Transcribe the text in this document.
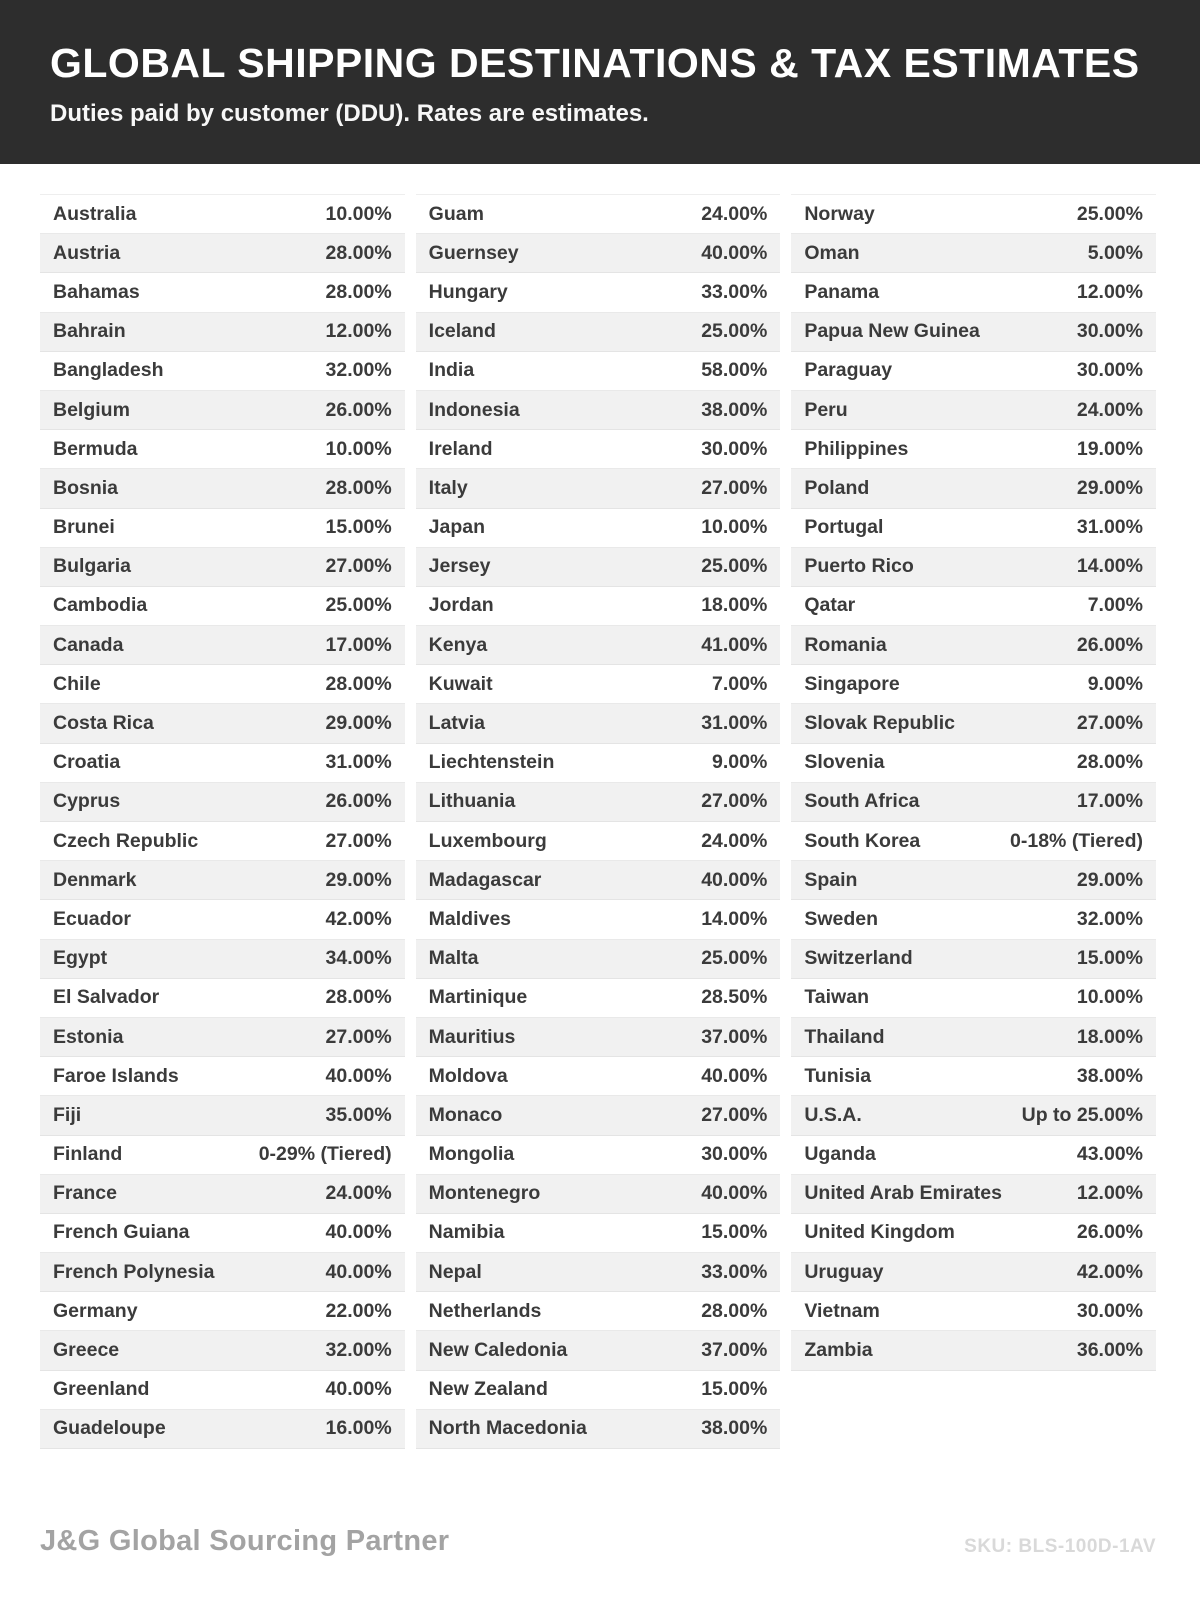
GLOBAL SHIPPING DESTINATIONS & TAX ESTIMATES
Duties paid by customer (DDU). Rates are estimates.
Australia	10.00%
Austria	28.00%
Bahamas	28.00%
Bahrain	12.00%
Bangladesh	32.00%
Belgium	26.00%
Bermuda	10.00%
Bosnia	28.00%
Brunei	15.00%
Bulgaria	27.00%
Cambodia	25.00%
Canada	17.00%
Chile	28.00%
Costa Rica	29.00%
Croatia	31.00%
Cyprus	26.00%
Czech Republic	27.00%
Denmark	29.00%
Ecuador	42.00%
Egypt	34.00%
El Salvador	28.00%
Estonia	27.00%
Faroe Islands	40.00%
Fiji	35.00%
Finland	0-29% (Tiered)
France	24.00%
French Guiana	40.00%
French Polynesia	40.00%
Germany	22.00%
Greece	32.00%
Greenland	40.00%
Guadeloupe	16.00%
Guam	24.00%
Guernsey	40.00%
Hungary	33.00%
Iceland	25.00%
India	58.00%
Indonesia	38.00%
Ireland	30.00%
Italy	27.00%
Japan	10.00%
Jersey	25.00%
Jordan	18.00%
Kenya	41.00%
Kuwait	7.00%
Latvia	31.00%
Liechtenstein	9.00%
Lithuania	27.00%
Luxembourg	24.00%
Madagascar	40.00%
Maldives	14.00%
Malta	25.00%
Martinique	28.50%
Mauritius	37.00%
Moldova	40.00%
Monaco	27.00%
Mongolia	30.00%
Montenegro	40.00%
Namibia	15.00%
Nepal	33.00%
Netherlands	28.00%
New Caledonia	37.00%
New Zealand	15.00%
North Macedonia	38.00%
Norway	25.00%
Oman	5.00%
Panama	12.00%
Papua New Guinea	30.00%
Paraguay	30.00%
Peru	24.00%
Philippines	19.00%
Poland	29.00%
Portugal	31.00%
Puerto Rico	14.00%
Qatar	7.00%
Romania	26.00%
Singapore	9.00%
Slovak Republic	27.00%
Slovenia	28.00%
South Africa	17.00%
South Korea	0-18% (Tiered)
Spain	29.00%
Sweden	32.00%
Switzerland	15.00%
Taiwan	10.00%
Thailand	18.00%
Tunisia	38.00%
U.S.A.	Up to 25.00%
Uganda	43.00%
United Arab Emirates	12.00%
United Kingdom	26.00%
Uruguay	42.00%
Vietnam	30.00%
Zambia	36.00%
J&G Global Sourcing Partner	SKU: BLS-100D-1AV
